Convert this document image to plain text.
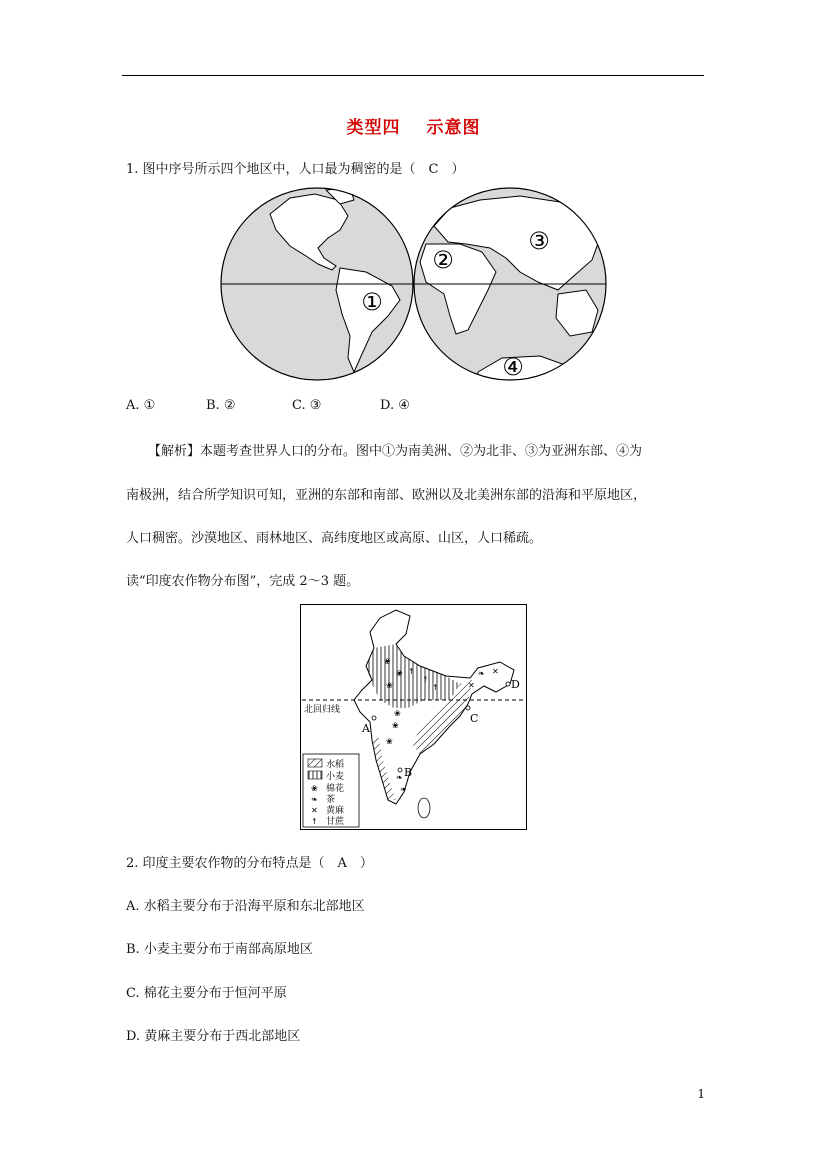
类型四 示意图
1. 图中序号所示四个地区中，人口最为稠密的是（　C　）
①
②
③
④
A. ①	B. ②	C. ③	D. ④
【解析】本题考查世界人口的分布。图中①为南美洲、②为北非、③为亚洲东部、④为
南极洲，结合所学知识可知，亚洲的东部和南部、欧洲以及北美洲东部的沿海和平原地区，
人口稠密。沙漠地区、雨林地区、高纬度地区或高原、山区，人口稀疏。
读“印度农作物分布图”，完成 2～3 题。
北回归线
❀
❀
❀
↟
↟
↟
❀
❀
❀
❧
❧
❧ ✕
✕
A
B
C
D
水稻
小麦
❀ 棉花
❧ 茶
✕ 黄麻
↟ 甘蔗
2. 印度主要农作物的分布特点是（　A　）
A. 水稻主要分布于沿海平原和东北部地区
B. 小麦主要分布于南部高原地区
C. 棉花主要分布于恒河平原
D. 黄麻主要分布于西北部地区
1
